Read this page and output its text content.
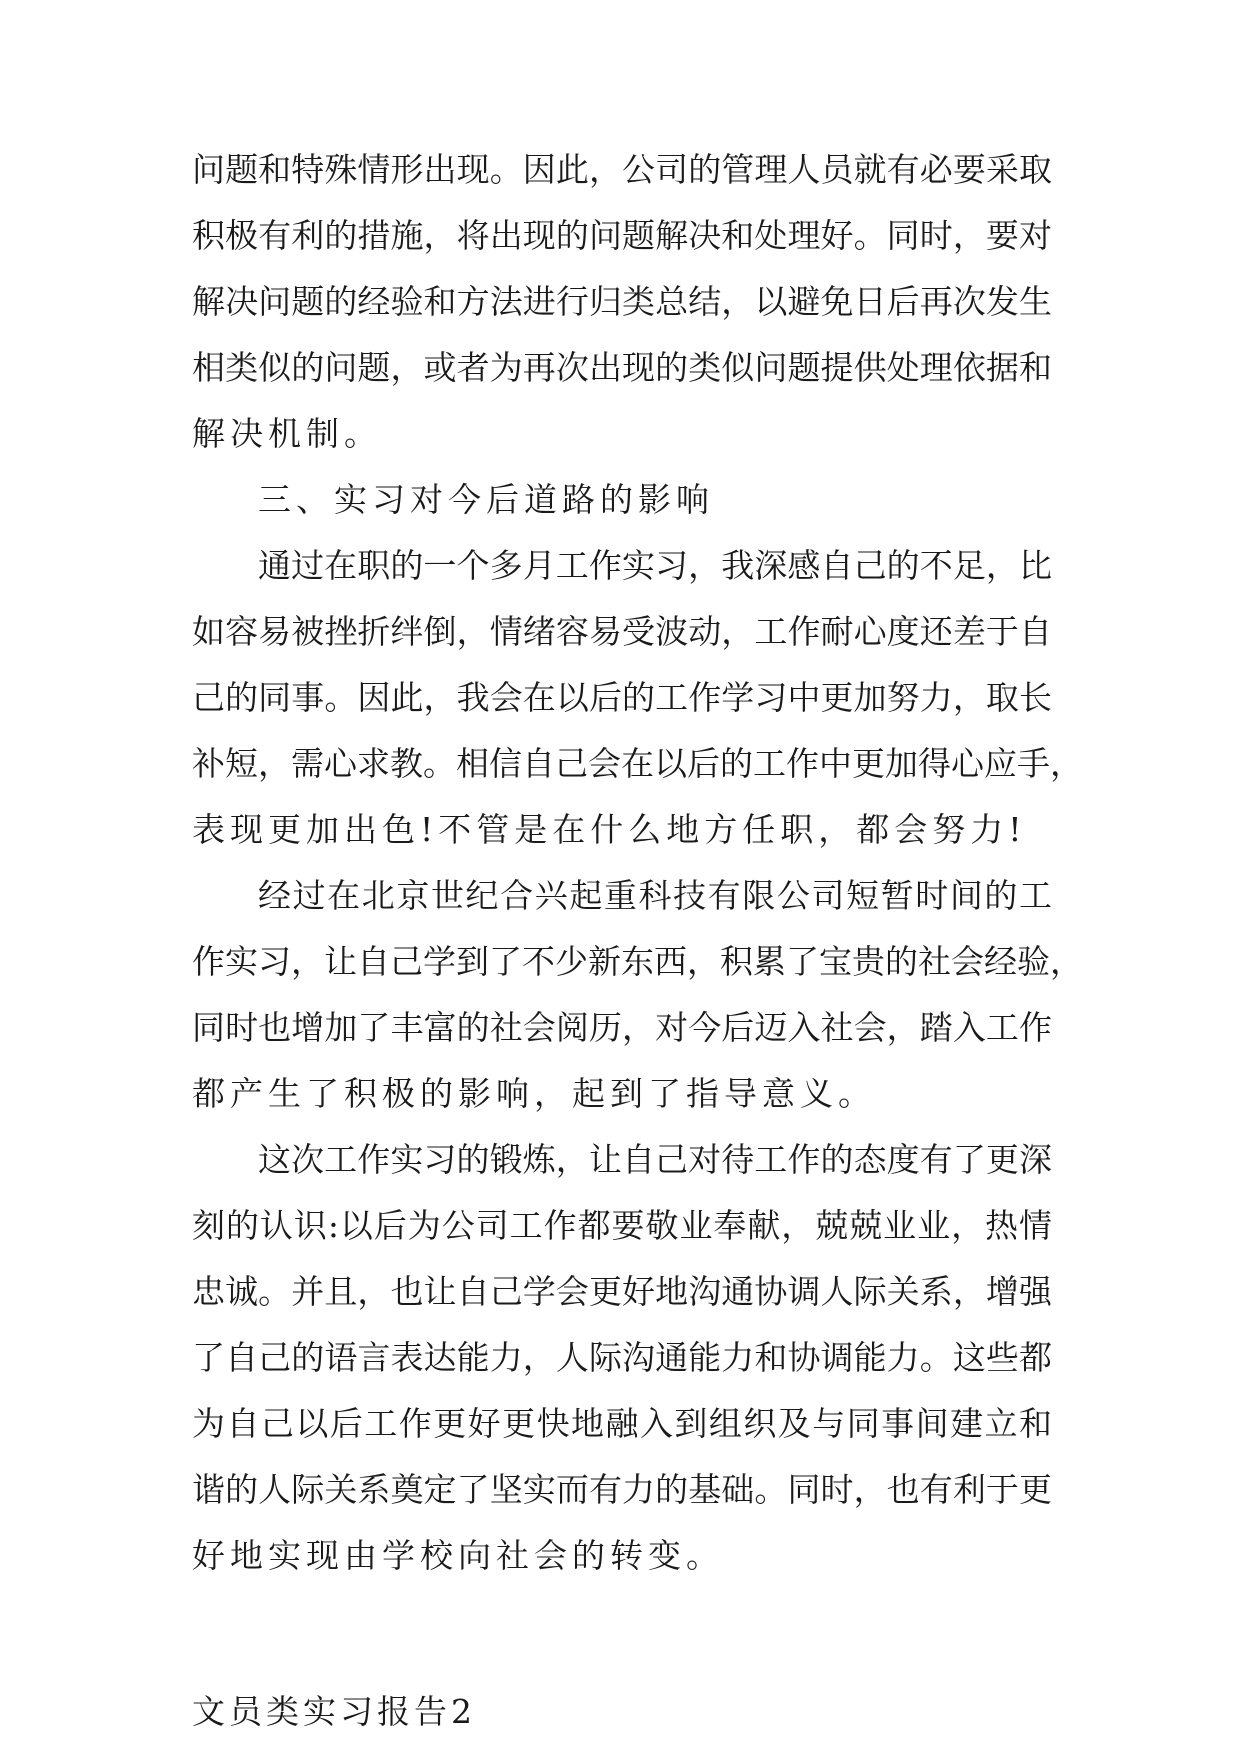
问题和特殊情形出现。因此，公司的管理人员就有必要采取
积极有利的措施，将出现的问题解决和处理好。同时，要对
解决问题的经验和方法进行归类总结，以避免日后再次发生
相类似的问题，或者为再次出现的类似问题提供处理依据和
解决机制。
三、实习对今后道路的影响
通过在职的一个多月工作实习，我深感自己的不足，比
如容易被挫折绊倒，情绪容易受波动，工作耐心度还差于自
己的同事。因此，我会在以后的工作学习中更加努力，取长
补短，需心求教。相信自己会在以后的工作中更加得心应手，
表现更加出色!不管是在什么地方任职，都会努力!
经过在北京世纪合兴起重科技有限公司短暂时间的工
作实习，让自己学到了不少新东西，积累了宝贵的社会经验，
同时也增加了丰富的社会阅历，对今后迈入社会，踏入工作
都产生了积极的影响，起到了指导意义。
这次工作实习的锻炼，让自己对待工作的态度有了更深
刻的认识:以后为公司工作都要敬业奉献，兢兢业业，热情
忠诚。并且，也让自己学会更好地沟通协调人际关系，增强
了自己的语言表达能力，人际沟通能力和协调能力。这些都
为自己以后工作更好更快地融入到组织及与同事间建立和
谐的人际关系奠定了坚实而有力的基础。同时，也有利于更
好地实现由学校向社会的转变。
文员类实习报告2
